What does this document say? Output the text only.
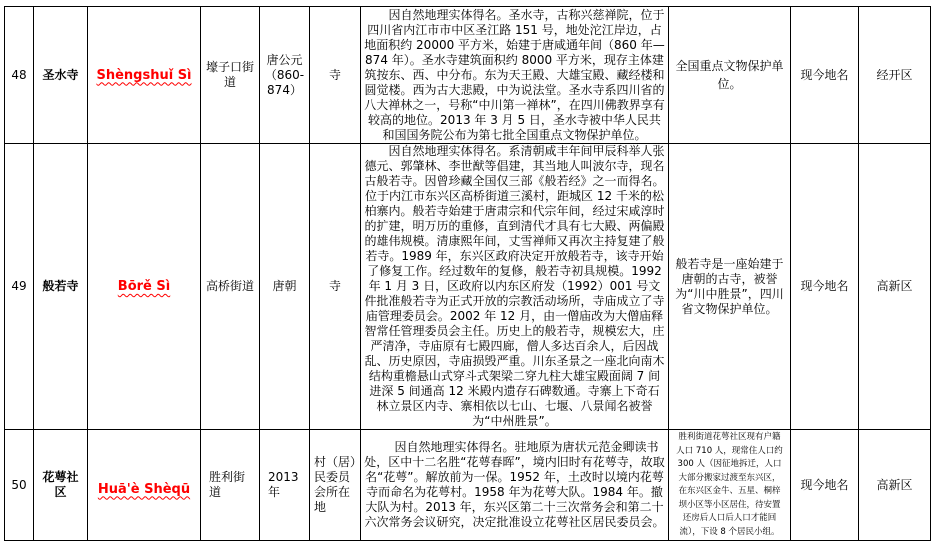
48	圣水寺	Shèngshuǐ Sì	壕子口街道	唐公元（860-874）	寺	因自然地理实体得名。圣水寺，古称兴慈禅院，位于四川省内江市市中区圣江路 151 号，地处沱江岸边，占地面积约 20000 平方米，始建于唐咸通年间（860 年—874 年）。圣水寺建筑面积约 8000 平方米，现存主体建筑按东、西、中分布。东为天王殿、大雄宝殿、藏经楼和圆觉楼。西为古大悲殿，中为说法堂。圣水寺系四川省的八大禅林之一，号称“中川第一禅林”，在四川佛教界享有较高的地位。2013 年 3 月 5 日，圣水寺被中华人民共和国国务院公布为第七批全国重点文物保护单位。	全国重点文物保护单位。	现今地名	经开区
49	般若寺	Bōrě Sì	高桥街道	唐朝	寺	因自然地理实体得名。系清朝咸丰年间甲辰科举人张德元、郭肇林、李世猷等倡建，其当地人叫波尔寺，现名古般若寺。因曾珍藏全国仅三部《般若经》之一而得名。位于内江市东兴区高桥街道三溪村，距城区 12 千米的松柏寨内。般若寺始建于唐肃宗和代宗年间，经过宋咸淳时的扩建，明万历的重修，直到清代才具有七大殿、两偏殿的雄伟规模。清康熙年间，丈雪禅师又再次主持复建了般若寺。1989 年，东兴区政府决定开放般若寺，该寺开始了修复工作。经过数年的复修，般若寺初具规模。1992 年 1 月 3 日，区政府以内东区府发（1992）001 号文件批准般若寺为正式开放的宗教活动场所，寺庙成立了寺庙管理委员会。2002 年 12 月，由一僧庙改为大僧庙释智常任管理委员会主任。历史上的般若寺，规模宏大，庄严清净，寺庙原有七殿四廊，僧人多达百余人，后因战乱、历史原因，寺庙损毁严重。川东圣景之一座北向南木结构重檐悬山式穿斗式架梁二穿九柱大雄宝殿面阔 7 间进深 5 间通高 12 米殿内遗存石碑数通。寺寨上下奇石林立景区内寺、寨相依以七山、七堰、八景闻名被誉为“中州胜景”。	般若寺是一座始建于唐朝的古寺，被誉为“川中胜景”，四川省文物保护单位。	现今地名	高新区
50	花萼社区	Huā'è Shèqū	胜利街道	2013 年	村（居）民委员会所在地	因自然地理实体得名。驻地原为唐状元范金卿读书处，区中十二名胜“花萼春晖”，境内旧时有花萼寺，故取名“花萼”。解放前为一保。1952 年，土改时以境内花萼寺而命名为花萼村。1958 年为花萼大队。1984 年。撤大队为村。2013 年，东兴区第二十三次常务会和第二十六次常务会议研究，决定批准设立花萼社区居民委员会。	胜利街道花萼社区现有户籍人口 710 人，现常住人口约 300 人（因征地拆迁，人口大部分搬家过渡至东兴区，在东兴区金牛、五星、桐梓坝小区等小区居住，待安置还房后人口后人口才能回流），下设 8 个居民小组。	现今地名	高新区
